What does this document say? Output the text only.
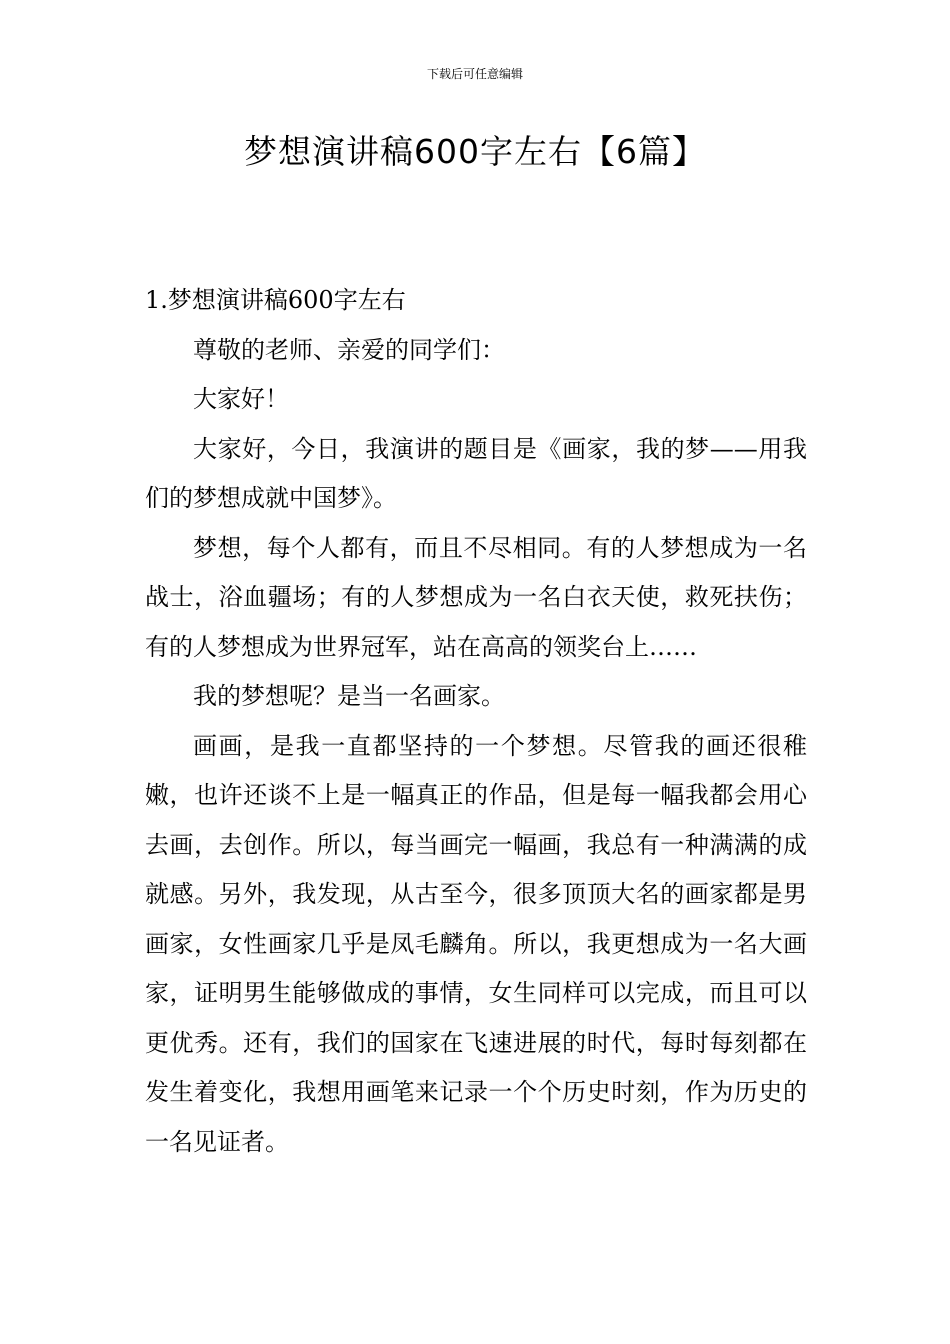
下载后可任意编辑
梦想演讲稿600字左右【6篇】

1.梦想演讲稿600字左右

尊敬的老师、亲爱的同学们：

大家好！

大家好，今日，我演讲的题目是《画家，我的梦——用我们的梦想成就中国梦》。

梦想，每个人都有，而且不尽相同。有的人梦想成为一名战士，浴血疆场；有的人梦想成为一名白衣天使，救死扶伤；有的人梦想成为世界冠军，站在高高的领奖台上……

我的梦想呢？是当一名画家。

画画，是我一直都坚持的一个梦想。尽管我的画还很稚嫩，也许还谈不上是一幅真正的作品，但是每一幅我都会用心去画，去创作。所以，每当画完一幅画，我总有一种满满的成就感。另外，我发现，从古至今，很多顶顶大名的画家都是男画家，女性画家几乎是凤毛麟角。所以，我更想成为一名大画家，证明男生能够做成的事情，女生同样可以完成，而且可以更优秀。还有，我们的国家在飞速进展的时代，每时每刻都在发生着变化，我想用画笔来记录一个个历史时刻，作为历史的一名见证者。
